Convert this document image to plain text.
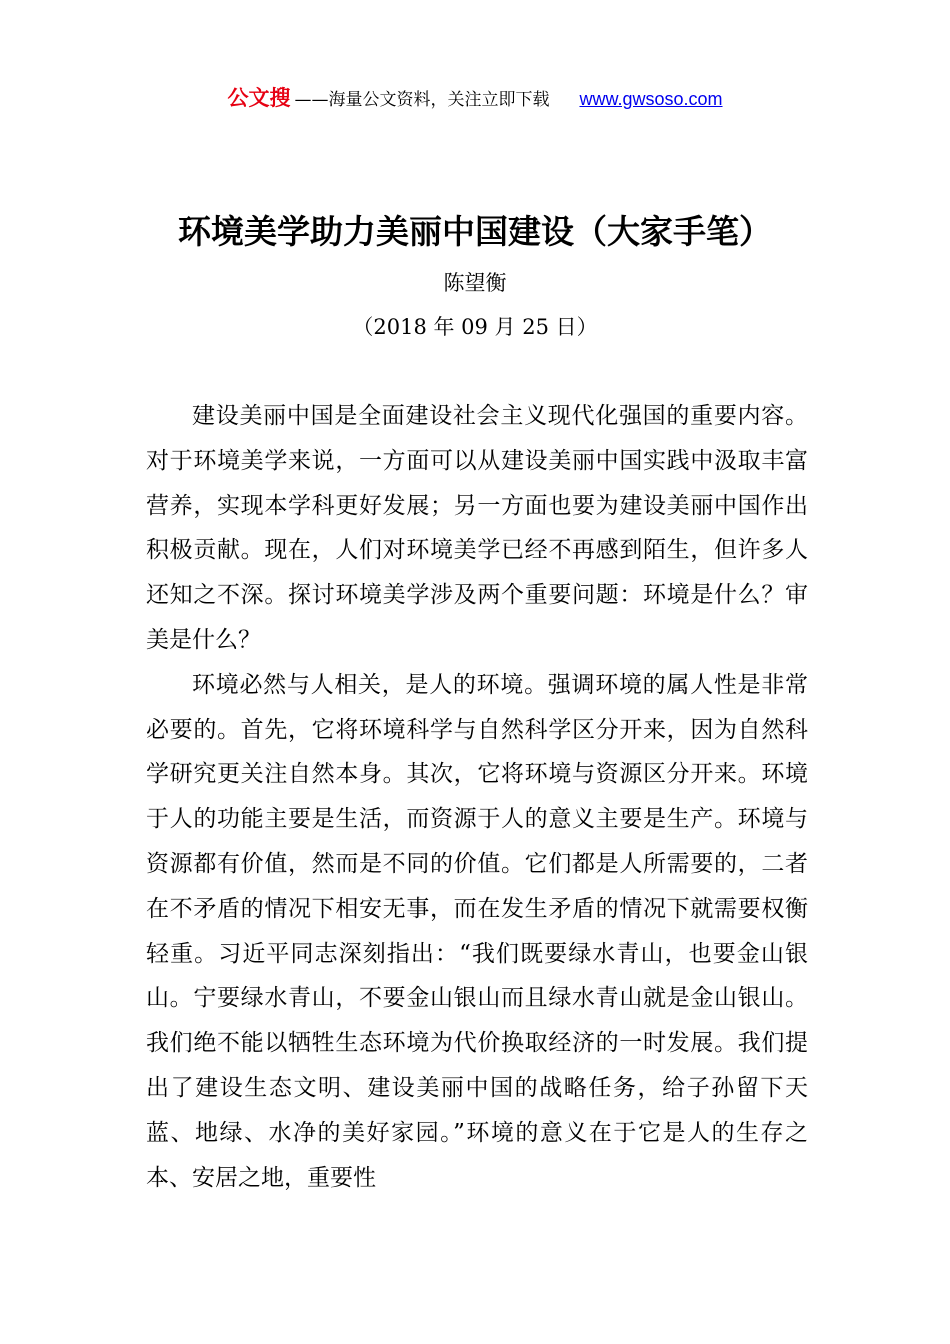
公文搜 ——海量公文资料，关注立即下载 www.gwsoso.com
环境美学助力美丽中国建设（大家手笔）
陈望衡
（2018 年 09 月 25 日）

建设美丽中国是全面建设社会主义现代化强国的重要内容。对于环境美学来说，一方面可以从建设美丽中国实践中汲取丰富营养，实现本学科更好发展；另一方面也要为建设美丽中国作出积极贡献。现在，人们对环境美学已经不再感到陌生，但许多人还知之不深。探讨环境美学涉及两个重要问题：环境是什么？审美是什么？

环境必然与人相关，是人的环境。强调环境的属人性是非常必要的。首先，它将环境科学与自然科学区分开来，因为自然科学研究更关注自然本身。其次，它将环境与资源区分开来。环境于人的功能主要是生活，而资源于人的意义主要是生产。环境与资源都有价值，然而是不同的价值。它们都是人所需要的，二者在不矛盾的情况下相安无事，而在发生矛盾的情况下就需要权衡轻重。习近平同志深刻指出：“我们既要绿水青山，也要金山银山。宁要绿水青山，不要金山银山而且绿水青山就是金山银山。我们绝不能以牺牲生态环境为代价换取经济的一时发展。我们提出了建设生态文明、建设美丽中国的战略任务，给子孙留下天蓝、地绿、水净的美好家园。”环境的意义在于它是人的生存之本、安居之地，重要性
